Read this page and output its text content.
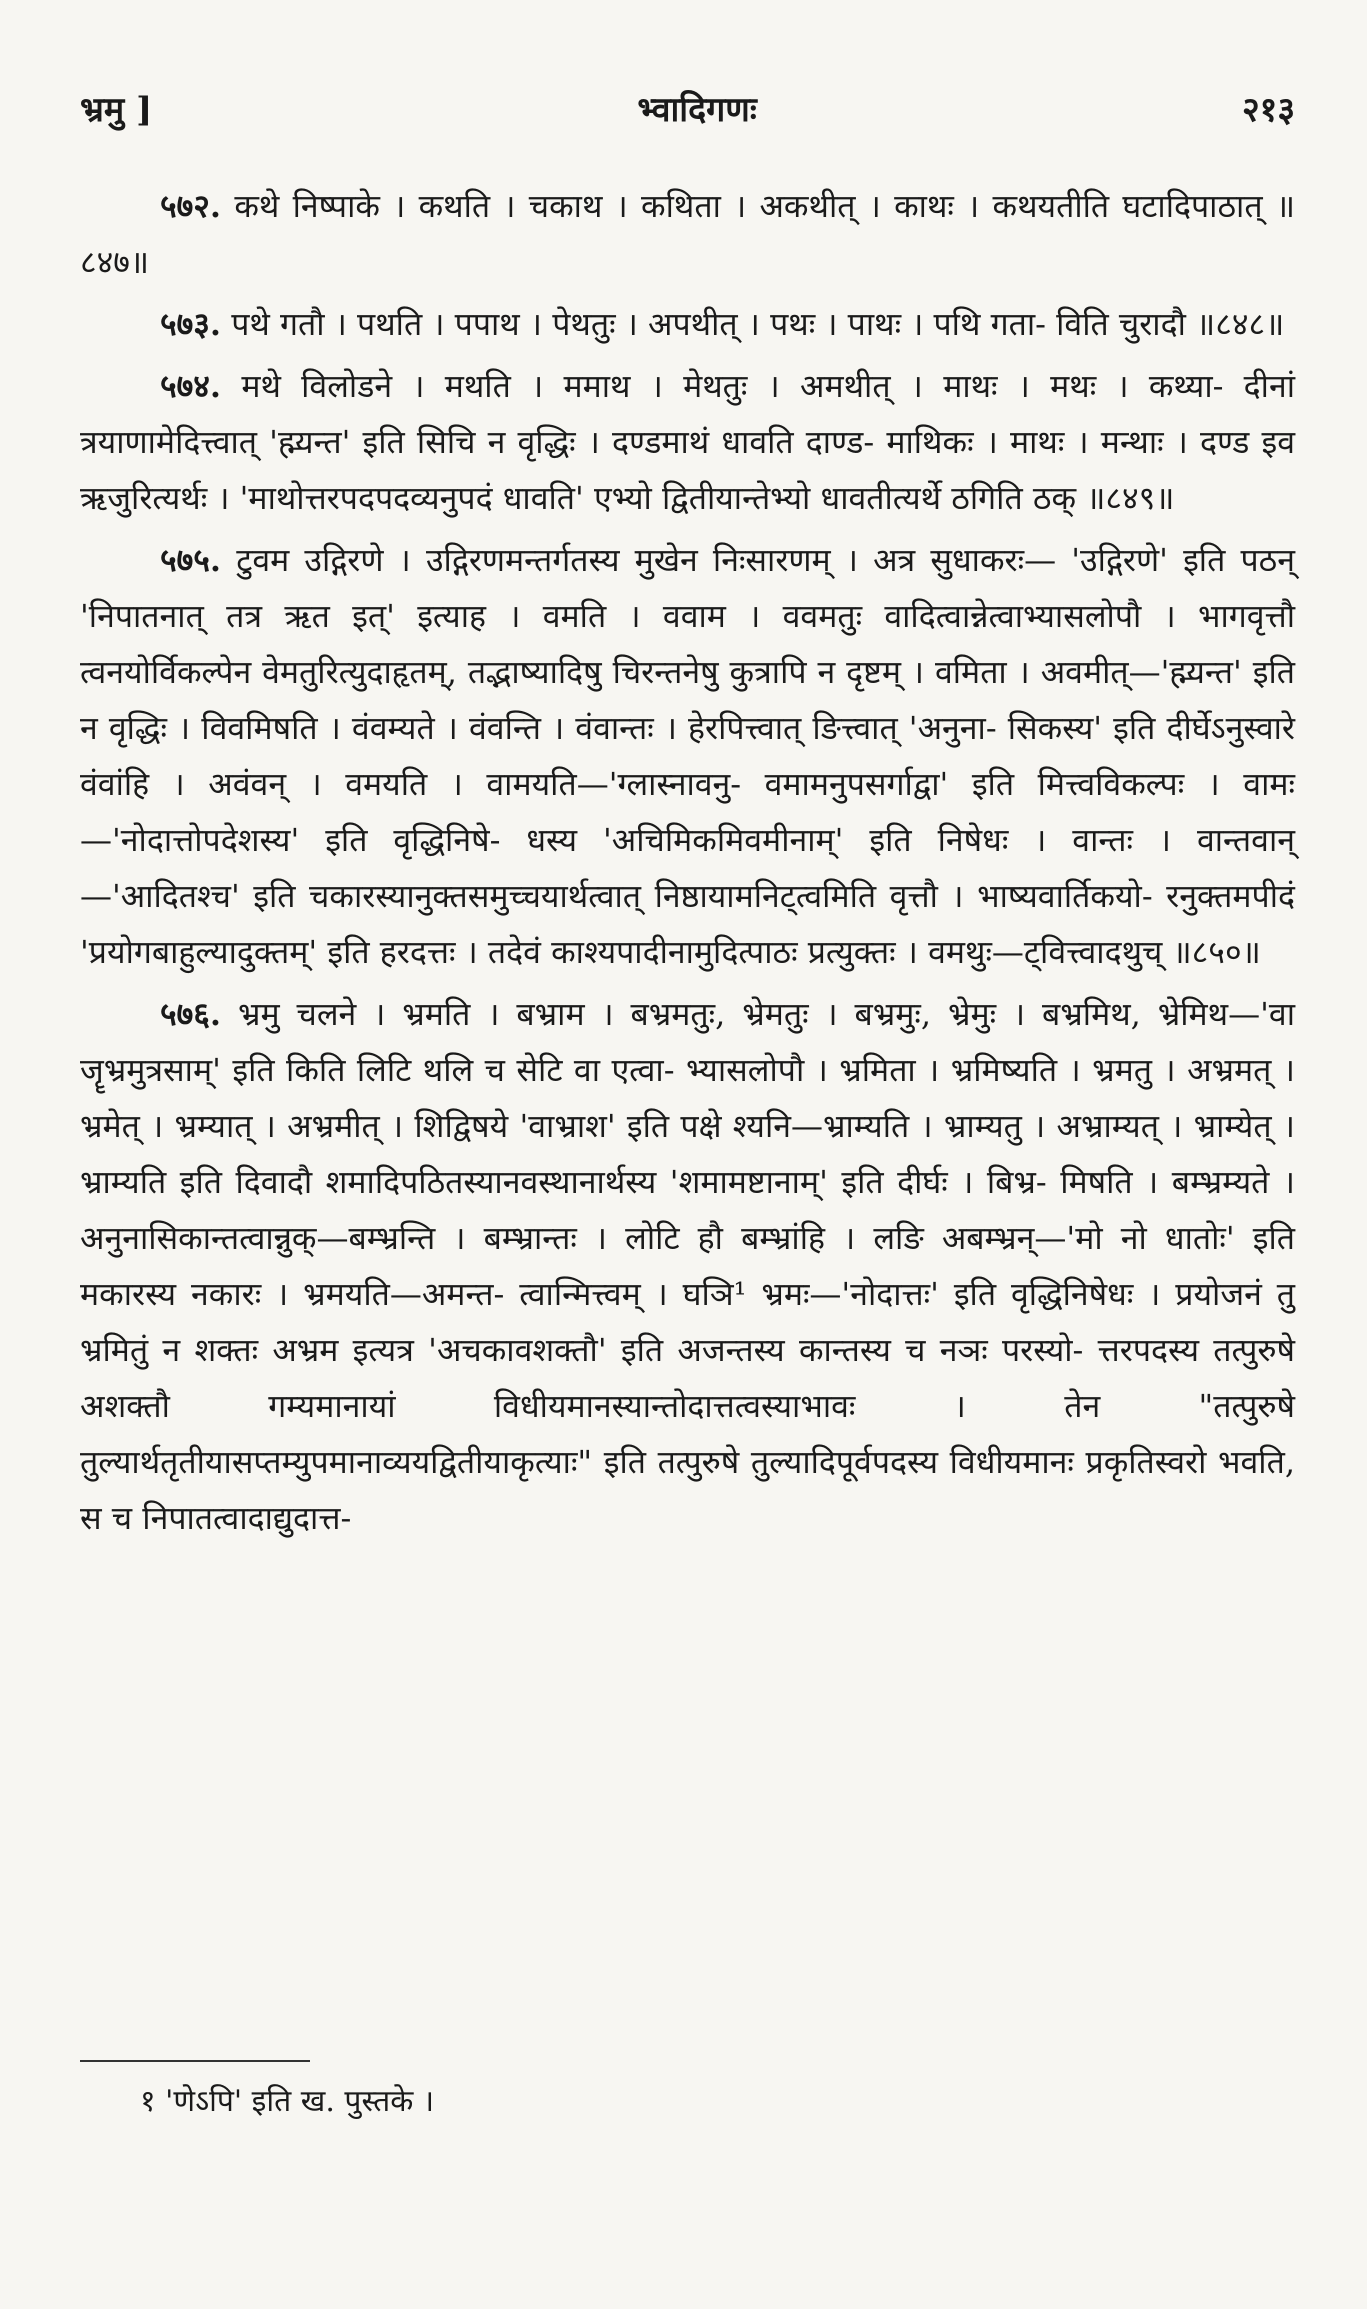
भ्रमु ]	भ्वादिगणः	२१३

५७२. कथे निष्पाके । कथति । चकाथ । कथिता । अकथीत् । काथः । कथयतीति घटादिपाठात् ॥८४७॥

५७३. पथे गतौ । पथति । पपाथ । पेथतुः । अपथीत् । पथः । पाथः । पथि गता- विति चुरादौ ॥८४८॥

५७४. मथे विलोडने । मथति । ममाथ । मेथतुः । अमथीत् । माथः । मथः । कथ्या- दीनां त्रयाणामेदित्त्वात् 'ह्म्यन्त' इति सिचि न वृद्धिः । दण्डमाथं धावति दाण्ड- माथिकः । माथः । मन्थाः । दण्ड इव ऋजुरित्यर्थः । 'माथोत्तरपदपदव्यनुपदं धावति' एभ्यो द्वितीयान्तेभ्यो धावतीत्यर्थे ठगिति ठक् ॥८४९॥

५७५. टुवम उद्गिरणे । उद्गिरणमन्तर्गतस्य मुखेन निःसारणम् । अत्र सुधाकरः— 'उद्गिरणे' इति पठन् 'निपातनात् तत्र ऋत इत्' इत्याह । वमति । ववाम । ववमतुः वादित्वान्नेत्वाभ्यासलोपौ । भागवृत्तौ त्वनयोर्विकल्पेन वेमतुरित्युदाहृतम्, तद्भाष्यादिषु चिरन्तनेषु कुत्रापि न दृष्टम् । वमिता । अवमीत्—'ह्म्यन्त' इति न वृद्धिः । विवमिषति । वंवम्यते । वंवन्ति । वंवान्तः । हेरपित्त्वात् ङित्त्वात् 'अनुना- सिकस्य' इति दीर्घेऽनुस्वारे वंवांहि । अवंवन् । वमयति । वामयति—'ग्लास्नावनु- वमामनुपसर्गाद्वा' इति मित्त्वविकल्पः । वामः—'नोदात्तोपदेशस्य' इति वृद्धिनिषे- धस्य 'अचिमिकमिवमीनाम्' इति निषेधः । वान्तः । वान्तवान्—'आदितश्च' इति चकारस्यानुक्तसमुच्चयार्थत्वात् निष्ठायामनिट्त्वमिति वृत्तौ । भाष्यवार्तिकयो- रनुक्तमपीदं 'प्रयोगबाहुल्यादुक्तम्' इति हरदत्तः । तदेवं काश्यपादीनामुदित्पाठः प्रत्युक्तः । वमथुः—ट्वित्त्वादथुच् ॥८५०॥

५७६. भ्रमु चलने । भ्रमति । बभ्राम । बभ्रमतुः, भ्रेमतुः । बभ्रमुः, भ्रेमुः । बभ्रमिथ, भ्रेमिथ—'वा जॄभ्रमुत्रसाम्' इति किति लिटि थलि च सेटि वा एत्वा- भ्यासलोपौ । भ्रमिता । भ्रमिष्यति । भ्रमतु । अभ्रमत् । भ्रमेत् । भ्रम्यात् । अभ्रमीत् । शिद्विषये 'वाभ्राश' इति पक्षे श्यनि—भ्राम्यति । भ्राम्यतु । अभ्राम्यत् । भ्राम्येत् । भ्राम्यति इति दिवादौ शमादिपठितस्यानवस्थानार्थस्य 'शमामष्टानाम्' इति दीर्घः । बिभ्र- मिषति । बम्भ्रम्यते । अनुनासिकान्तत्वान्नुक्—बम्भ्रन्ति । बम्भ्रान्तः । लोटि हौ बम्भ्रांहि । लङि अबम्भ्रन्—'मो नो धातोः' इति मकारस्य नकारः । भ्रमयति—अमन्त- त्वान्मित्त्वम् । घञि¹ भ्रमः—'नोदात्तः' इति वृद्धिनिषेधः । प्रयोजनं तु भ्रमितुं न शक्तः अभ्रम इत्यत्र 'अचकावशक्तौ' इति अजन्तस्य कान्तस्य च नञः परस्यो- त्तरपदस्य तत्पुरुषे अशक्तौ गम्यमानायां विधीयमानस्यान्तोदात्तत्वस्याभावः । तेन "तत्पुरुषे तुल्यार्थतृतीयासप्तम्युपमानाव्ययद्वितीयाकृत्याः" इति तत्पुरुषे तुल्यादिपूर्वपदस्य विधीयमानः प्रकृतिस्वरो भवति, स च निपातत्वादाद्युदात्त-

१ 'णेऽपि' इति ख. पुस्तके ।
